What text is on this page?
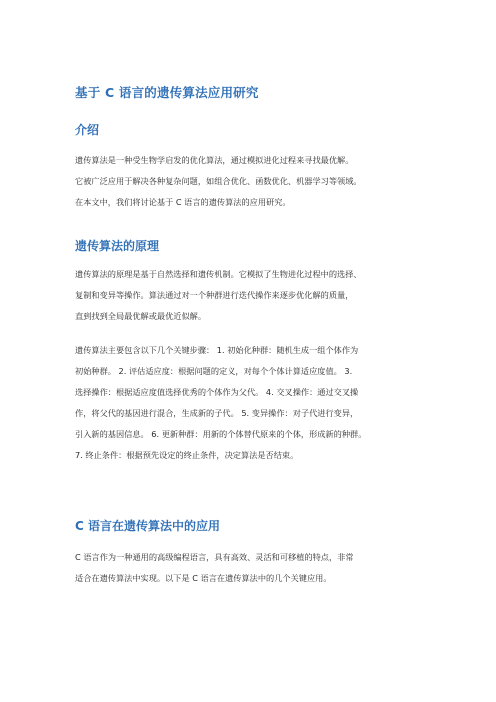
基于 C 语言的遗传算法应用研究
介绍
遗传算法是一种受生物学启发的优化算法，通过模拟进化过程来寻找最优解。
它被广泛应用于解决各种复杂问题，如组合优化、函数优化、机器学习等领域。
在本文中，我们将讨论基于 C 语言的遗传算法的应用研究。
遗传算法的原理
遗传算法的原理是基于自然选择和遗传机制。它模拟了生物进化过程中的选择、
复制和变异等操作。算法通过对一个种群进行迭代操作来逐步优化解的质量，
直到找到全局最优解或最优近似解。
遗传算法主要包含以下几个关键步骤： 1. 初始化种群：随机生成一组个体作为
初始种群。 2. 评估适应度：根据问题的定义，对每个个体计算适应度值。 3.
选择操作：根据适应度值选择优秀的个体作为父代。 4. 交叉操作：通过交叉操
作，将父代的基因进行混合，生成新的子代。 5. 变异操作：对子代进行变异，
引入新的基因信息。 6. 更新种群：用新的个体替代原来的个体，形成新的种群。
7. 终止条件：根据预先设定的终止条件，决定算法是否结束。
C 语言在遗传算法中的应用
C 语言作为一种通用的高级编程语言，具有高效、灵活和可移植的特点，非常
适合在遗传算法中实现。以下是 C 语言在遗传算法中的几个关键应用。
